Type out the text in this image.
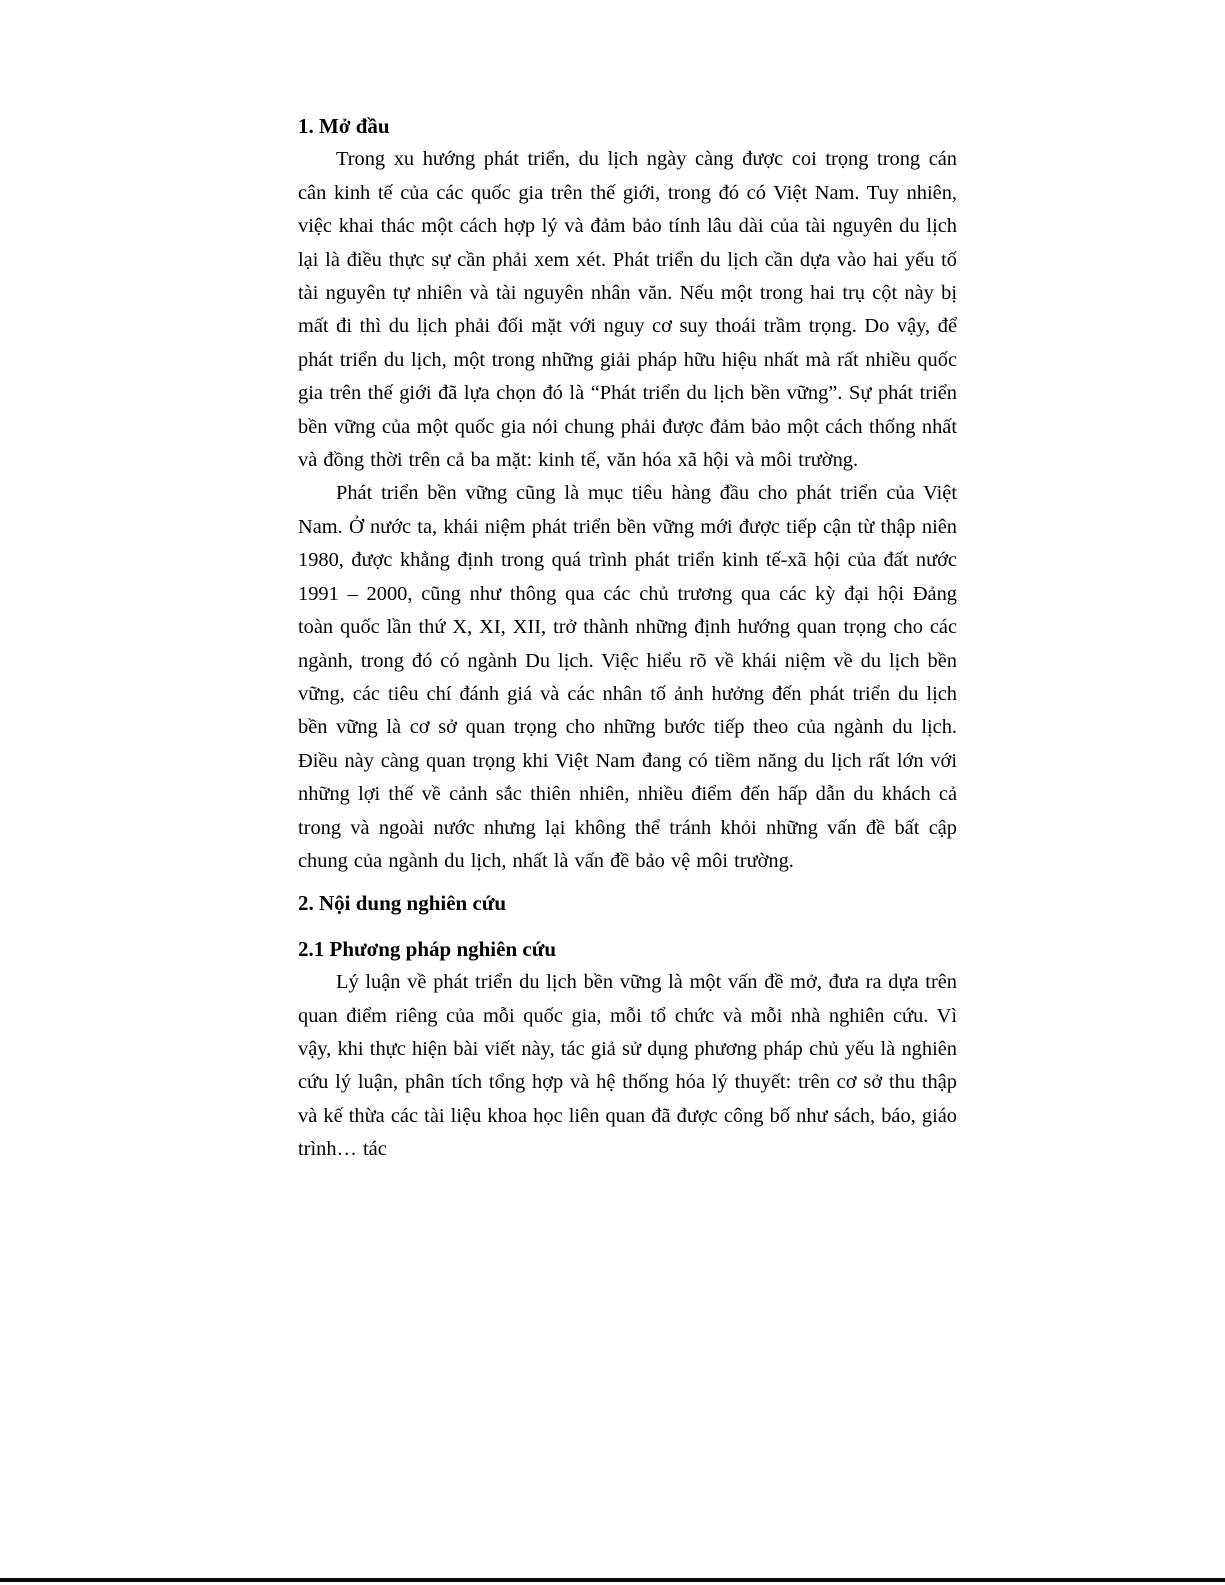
1. Mở đầu

Trong xu hướng phát triển, du lịch ngày càng được coi trọng trong cán cân kinh tế của các quốc gia trên thế giới, trong đó có Việt Nam. Tuy nhiên, việc khai thác một cách hợp lý và đảm bảo tính lâu dài của tài nguyên du lịch lại là điều thực sự cần phải xem xét. Phát triển du lịch cần dựa vào hai yếu tố tài nguyên tự nhiên và tài nguyên nhân văn. Nếu một trong hai trụ cột này bị mất đi thì du lịch phải đối mặt với nguy cơ suy thoái trầm trọng. Do vậy, để phát triển du lịch, một trong những giải pháp hữu hiệu nhất mà rất nhiều quốc gia trên thế giới đã lựa chọn đó là “Phát triển du lịch bền vững”. Sự phát triển bền vững của một quốc gia nói chung phải được đảm bảo một cách thống nhất và đồng thời trên cả ba mặt: kinh tế, văn hóa xã hội và môi trường.

Phát triển bền vững cũng là mục tiêu hàng đầu cho phát triển của Việt Nam. Ở nước ta, khái niệm phát triển bền vững mới được tiếp cận từ thập niên 1980, được khẳng định trong quá trình phát triển kinh tế-xã hội của đất nước 1991 – 2000, cũng như thông qua các chủ trương qua các kỳ đại hội Đảng toàn quốc lần thứ X, XI, XII, trở thành những định hướng quan trọng cho các ngành, trong đó có ngành Du lịch. Việc hiểu rõ về khái niệm về du lịch bền vững, các tiêu chí đánh giá và các nhân tố ảnh hưởng đến phát triển du lịch bền vững là cơ sở quan trọng cho những bước tiếp theo của ngành du lịch. Điều này càng quan trọng khi Việt Nam đang có tiềm năng du lịch rất lớn với những lợi thế về cảnh sắc thiên nhiên, nhiều điểm đến hấp dẫn du khách cả trong và ngoài nước nhưng lại không thể tránh khỏi những vấn đề bất cập chung của ngành du lịch, nhất là vấn đề bảo vệ môi trường.

2. Nội dung nghiên cứu
2.1 Phương pháp nghiên cứu

Lý luận về phát triển du lịch bền vững là một vấn đề mở, đưa ra dựa trên quan điểm riêng của mỗi quốc gia, mỗi tổ chức và mỗi nhà nghiên cứu. Vì vậy, khi thực hiện bài viết này, tác giả sử dụng phương pháp chủ yếu là nghiên cứu lý luận, phân tích tổng hợp và hệ thống hóa lý thuyết: trên cơ sở thu thập và kế thừa các tài liệu khoa học liên quan đã được công bố như sách, báo, giáo trình… tác
